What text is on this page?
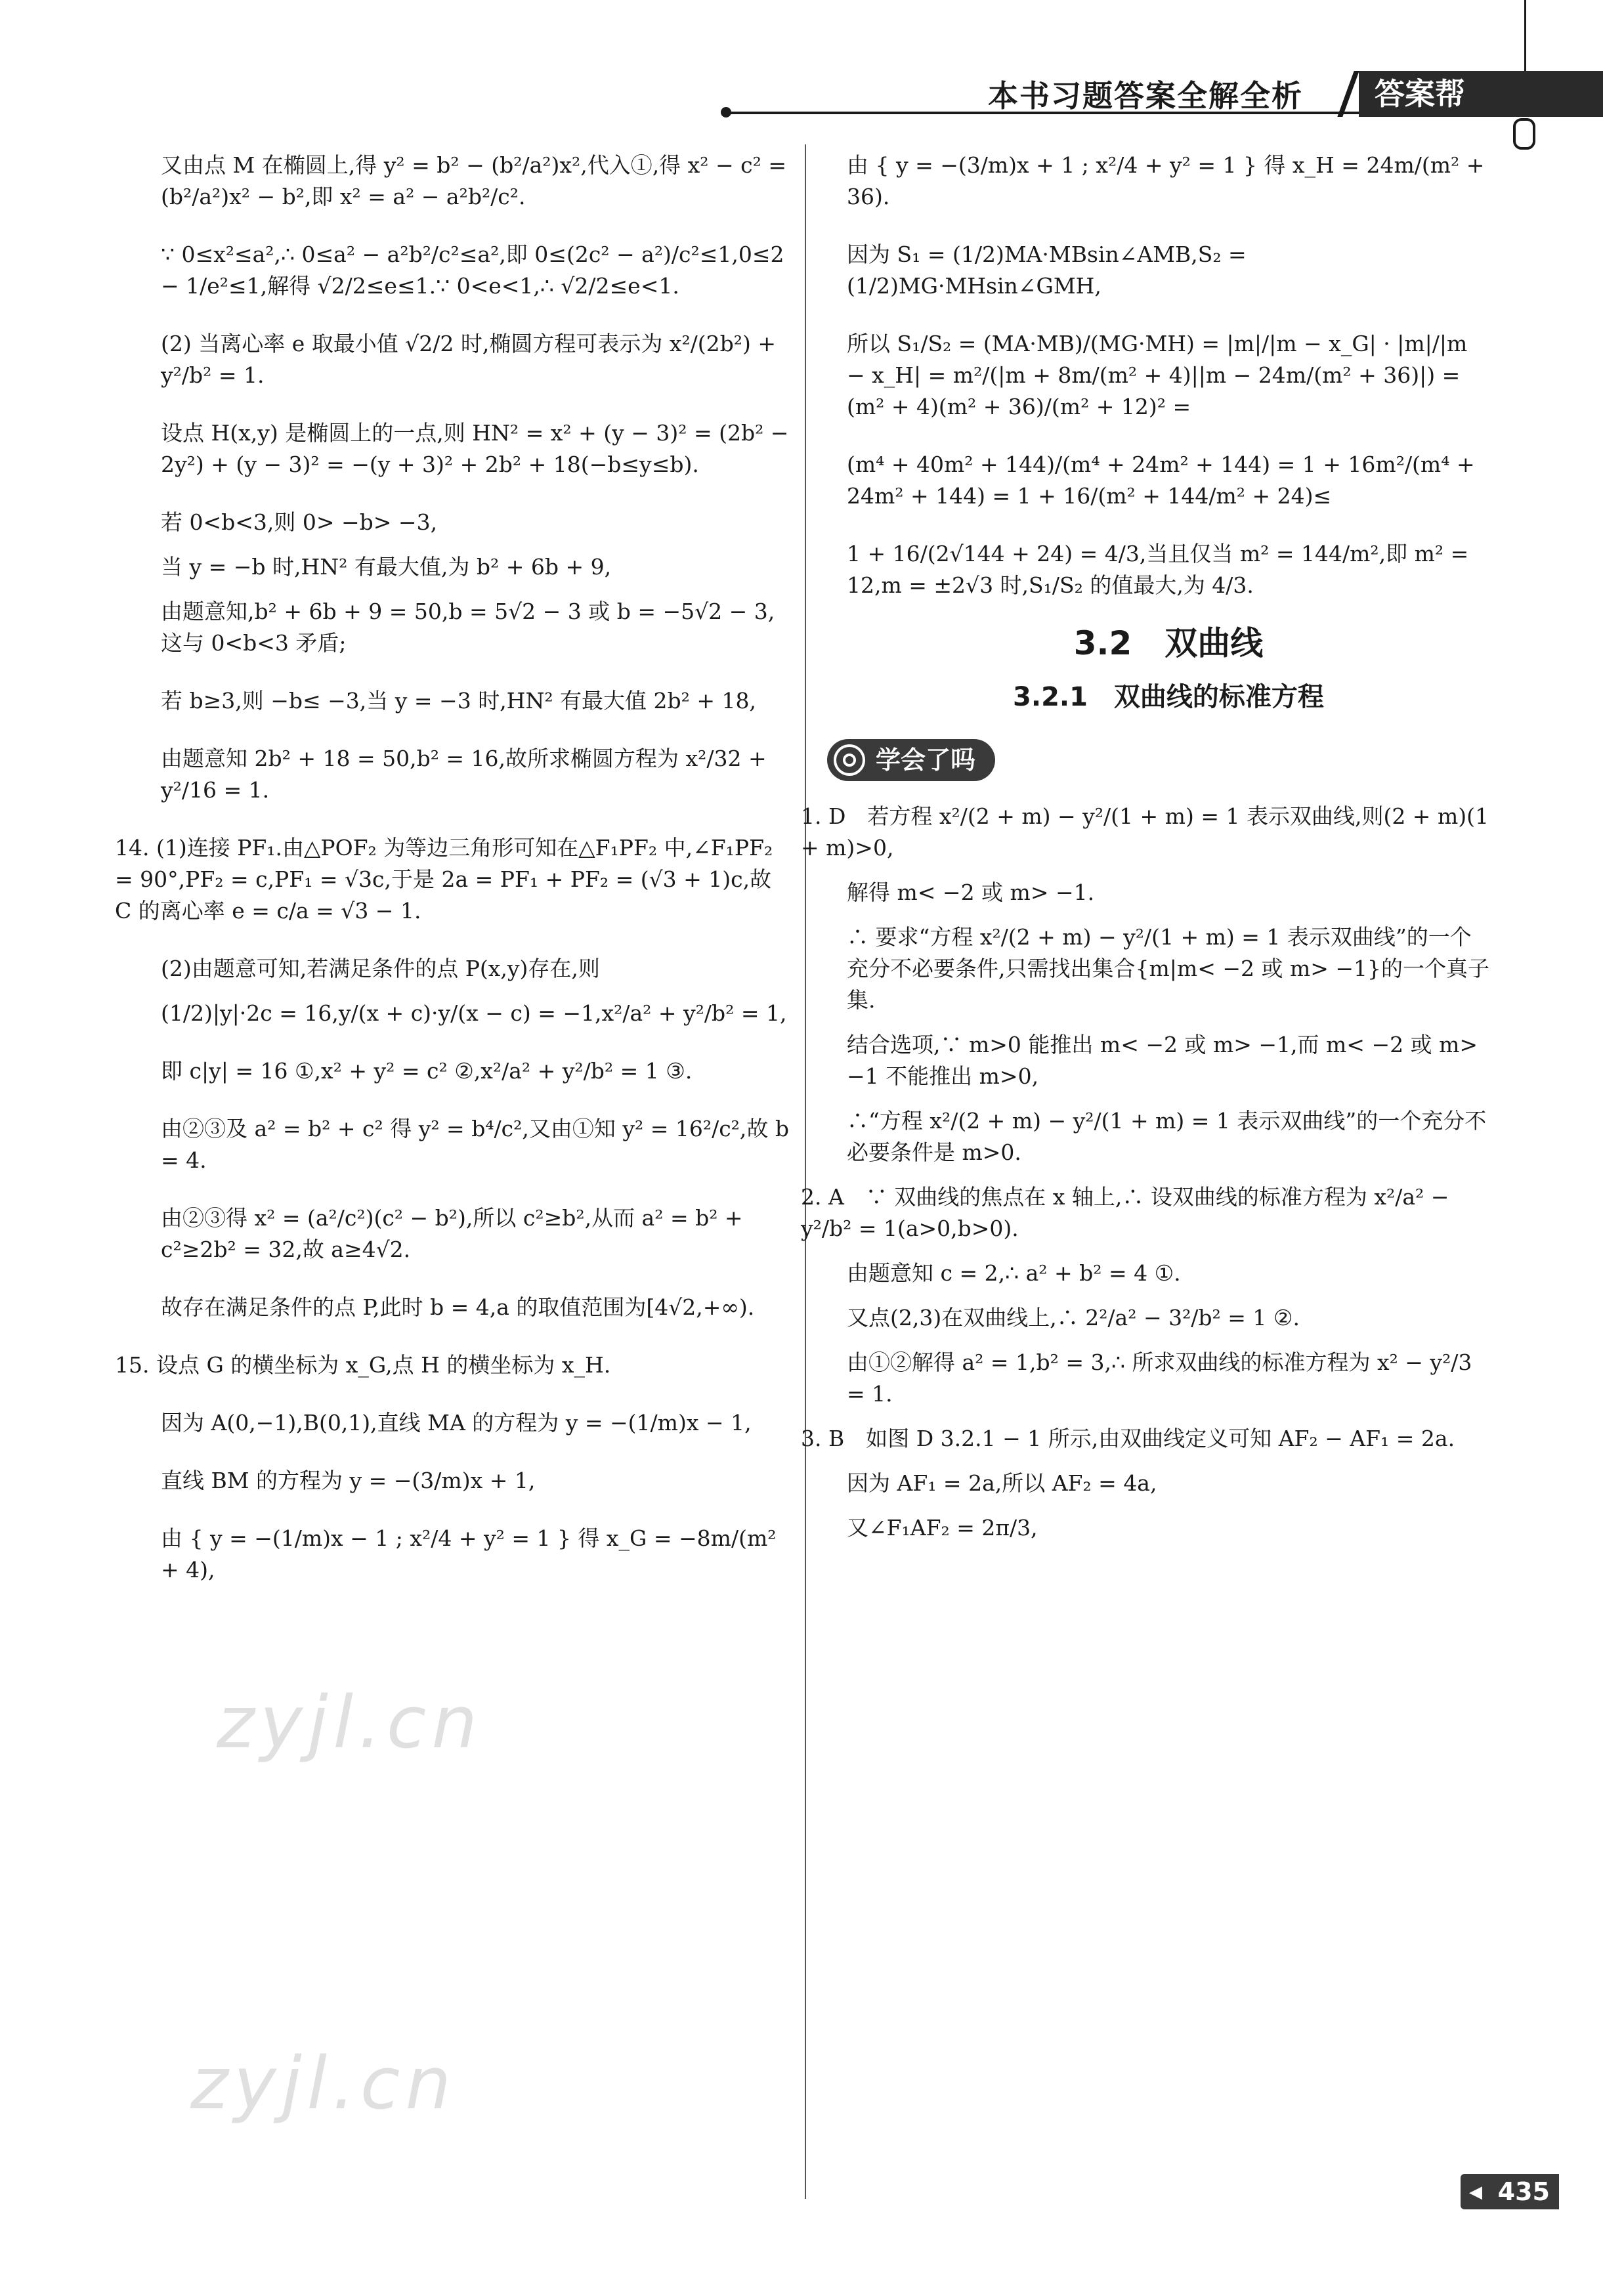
本书习题答案全解全析	答案帮

又由点 M 在椭圆上,得 y² = b² − (b²/a²)x²,代入①,得 x² − c² = (b²/a²)x² − b²,即 x² = a² − a²b²/c².

∵ 0≤x²≤a²,∴ 0≤a² − a²b²/c²≤a²,即 0≤(2c² − a²)/c²≤1,0≤2 − 1/e²≤1,解得 √2/2≤e≤1.∵ 0<e<1,∴ √2/2≤e<1.

(2) 当离心率 e 取最小值 √2/2 时,椭圆方程可表示为 x²/(2b²) + y²/b² = 1.

设点 H(x,y) 是椭圆上的一点,则 HN² = x² + (y − 3)² = (2b² − 2y²) + (y − 3)² = −(y + 3)² + 2b² + 18(−b≤y≤b).

若 0<b<3,则 0> −b> −3,

当 y = −b 时,HN² 有最大值,为 b² + 6b + 9,

由题意知,b² + 6b + 9 = 50,b = 5√2 − 3 或 b = −5√2 − 3,这与 0<b<3 矛盾;

若 b≥3,则 −b≤ −3,当 y = −3 时,HN² 有最大值 2b² + 18,

由题意知 2b² + 18 = 50,b² = 16,故所求椭圆方程为 x²/32 + y²/16 = 1.

14. (1)连接 PF₁.由△POF₂ 为等边三角形可知在△F₁PF₂ 中,∠F₁PF₂ = 90°,PF₂ = c,PF₁ = √3c,于是 2a = PF₁ + PF₂ = (√3 + 1)c,故 C 的离心率 e = c/a = √3 − 1.

(2)由题意可知,若满足条件的点 P(x,y)存在,则

(1/2)|y|·2c = 16,y/(x + c)·y/(x − c) = −1,x²/a² + y²/b² = 1,

即 c|y| = 16 ①,x² + y² = c² ②,x²/a² + y²/b² = 1 ③.

由②③及 a² = b² + c² 得 y² = b⁴/c²,又由①知 y² = 16²/c²,故 b = 4.

由②③得 x² = (a²/c²)(c² − b²),所以 c²≥b²,从而 a² = b² + c²≥2b² = 32,故 a≥4√2.

故存在满足条件的点 P,此时 b = 4,a 的取值范围为[4√2,+∞).

15. 设点 G 的横坐标为 x_G,点 H 的横坐标为 x_H.

因为 A(0,−1),B(0,1),直线 MA 的方程为 y = −(1/m)x − 1,

直线 BM 的方程为 y = −(3/m)x + 1,

由 { y = −(1/m)x − 1 ; x²/4 + y² = 1 } 得 x_G = −8m/(m² + 4),

由 { y = −(3/m)x + 1 ; x²/4 + y² = 1 } 得 x_H = 24m/(m² + 36).

因为 S₁ = (1/2)MA·MBsin∠AMB,S₂ = (1/2)MG·MHsin∠GMH,

所以 S₁/S₂ = (MA·MB)/(MG·MH) = |m|/|m − x_G| · |m|/|m − x_H| = m²/(|m + 8m/(m² + 4)||m − 24m/(m² + 36)|) = (m² + 4)(m² + 36)/(m² + 12)² =

(m⁴ + 40m² + 144)/(m⁴ + 24m² + 144) = 1 + 16m²/(m⁴ + 24m² + 144) = 1 + 16/(m² + 144/m² + 24)≤

1 + 16/(2√144 + 24) = 4/3,当且仅当 m² = 144/m²,即 m² = 12,m = ±2√3 时,S₁/S₂ 的值最大,为 4/3.

3.2　双曲线
3.2.1　双曲线的标准方程
学会了吗

1. D　若方程 x²/(2 + m) − y²/(1 + m) = 1 表示双曲线,则(2 + m)(1 + m)>0,

解得 m< −2 或 m> −1.

∴ 要求“方程 x²/(2 + m) − y²/(1 + m) = 1 表示双曲线”的一个充分不必要条件,只需找出集合{m|m< −2 或 m> −1}的一个真子集.

结合选项,∵ m>0 能推出 m< −2 或 m> −1,而 m< −2 或 m> −1 不能推出 m>0,

∴“方程 x²/(2 + m) − y²/(1 + m) = 1 表示双曲线”的一个充分不必要条件是 m>0.

2. A　∵ 双曲线的焦点在 x 轴上,∴ 设双曲线的标准方程为 x²/a² − y²/b² = 1(a>0,b>0).

由题意知 c = 2,∴ a² + b² = 4 ①.

又点(2,3)在双曲线上,∴ 2²/a² − 3²/b² = 1 ②.

由①②解得 a² = 1,b² = 3,∴ 所求双曲线的标准方程为 x² − y²/3 = 1.

3. B　如图 D 3.2.1 − 1 所示,由双曲线定义可知 AF₂ − AF₁ = 2a.

因为 AF₁ = 2a,所以 AF₂ = 4a,

又∠F₁AF₂ = 2π/3,

zyjl.cn
zyjl.cn
435
◀
